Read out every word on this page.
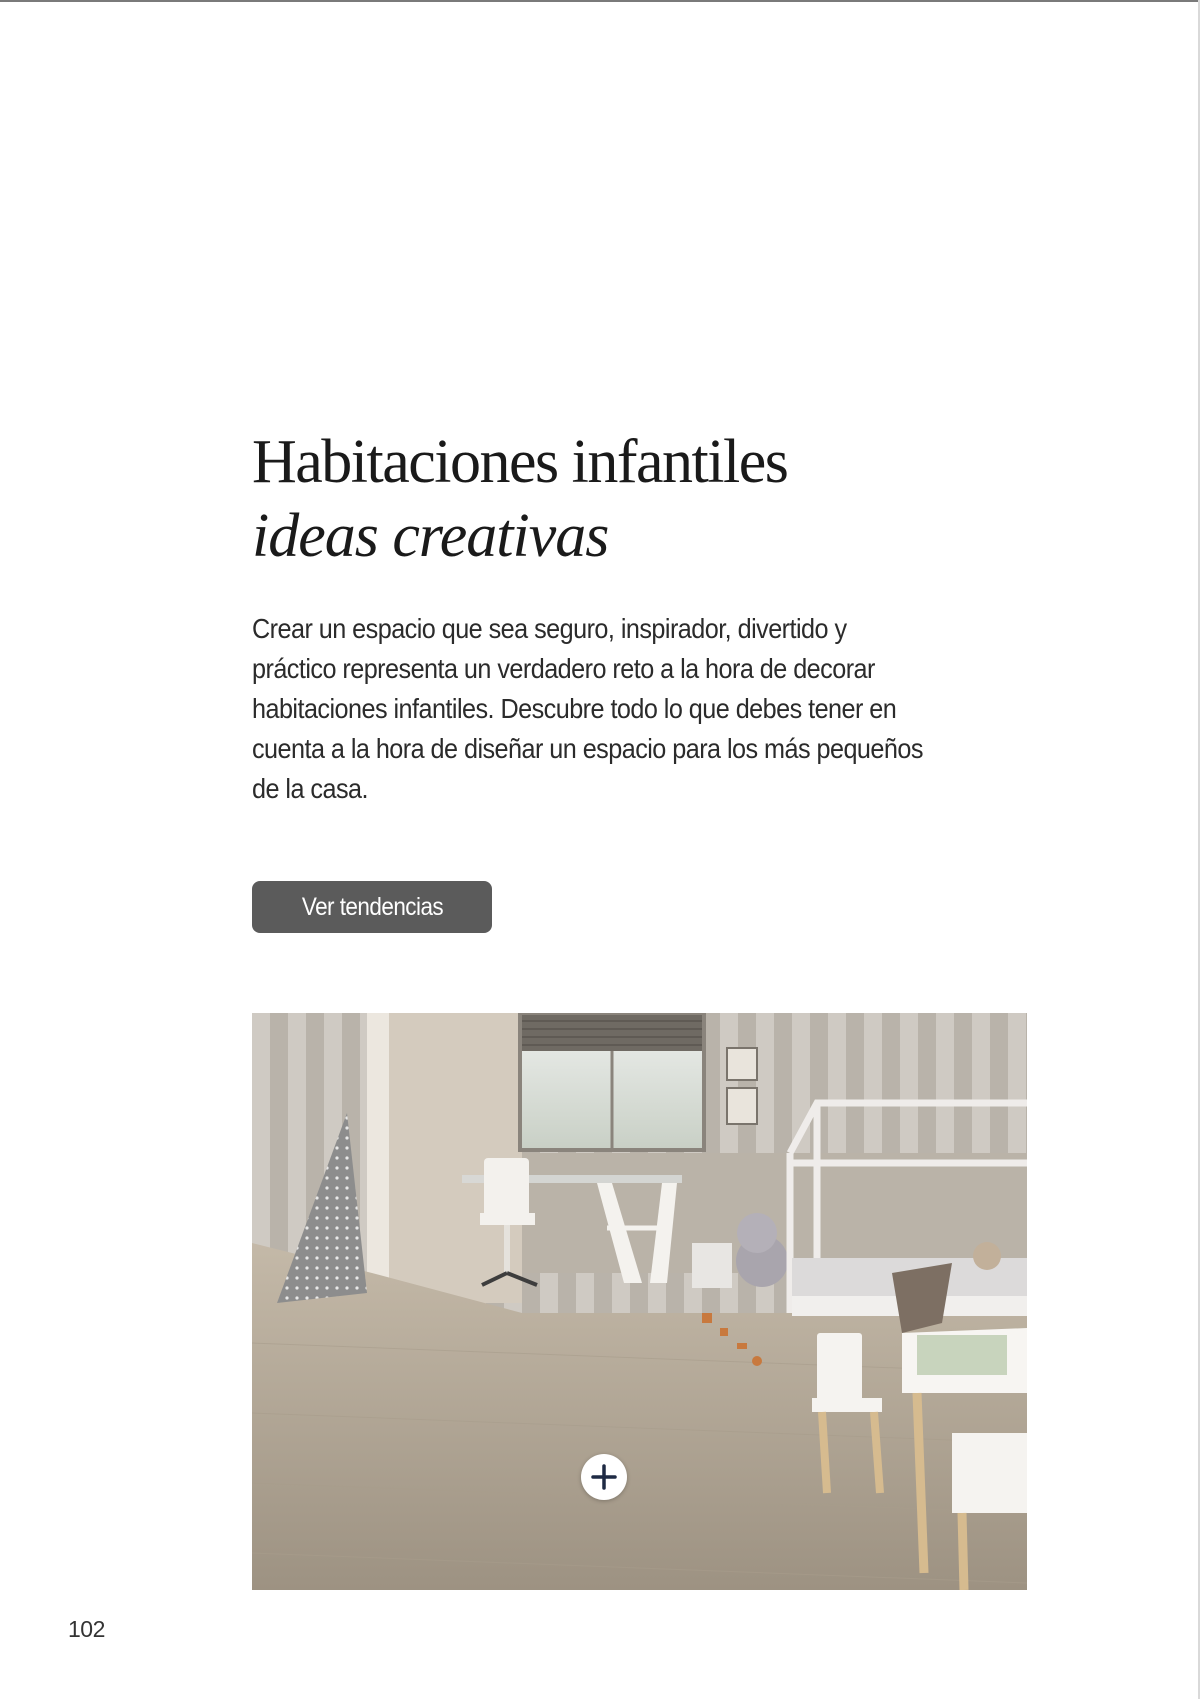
Habitaciones infantiles
ideas creativas

Crear un espacio que sea seguro, inspirador, divertido y práctico representa un verdadero reto a la hora de decorar habitaciones infantiles. Descubre todo lo que debes tener en cuenta a la hora de diseñar un espacio para los más pequeños de la casa.

Ver tendencias
102
